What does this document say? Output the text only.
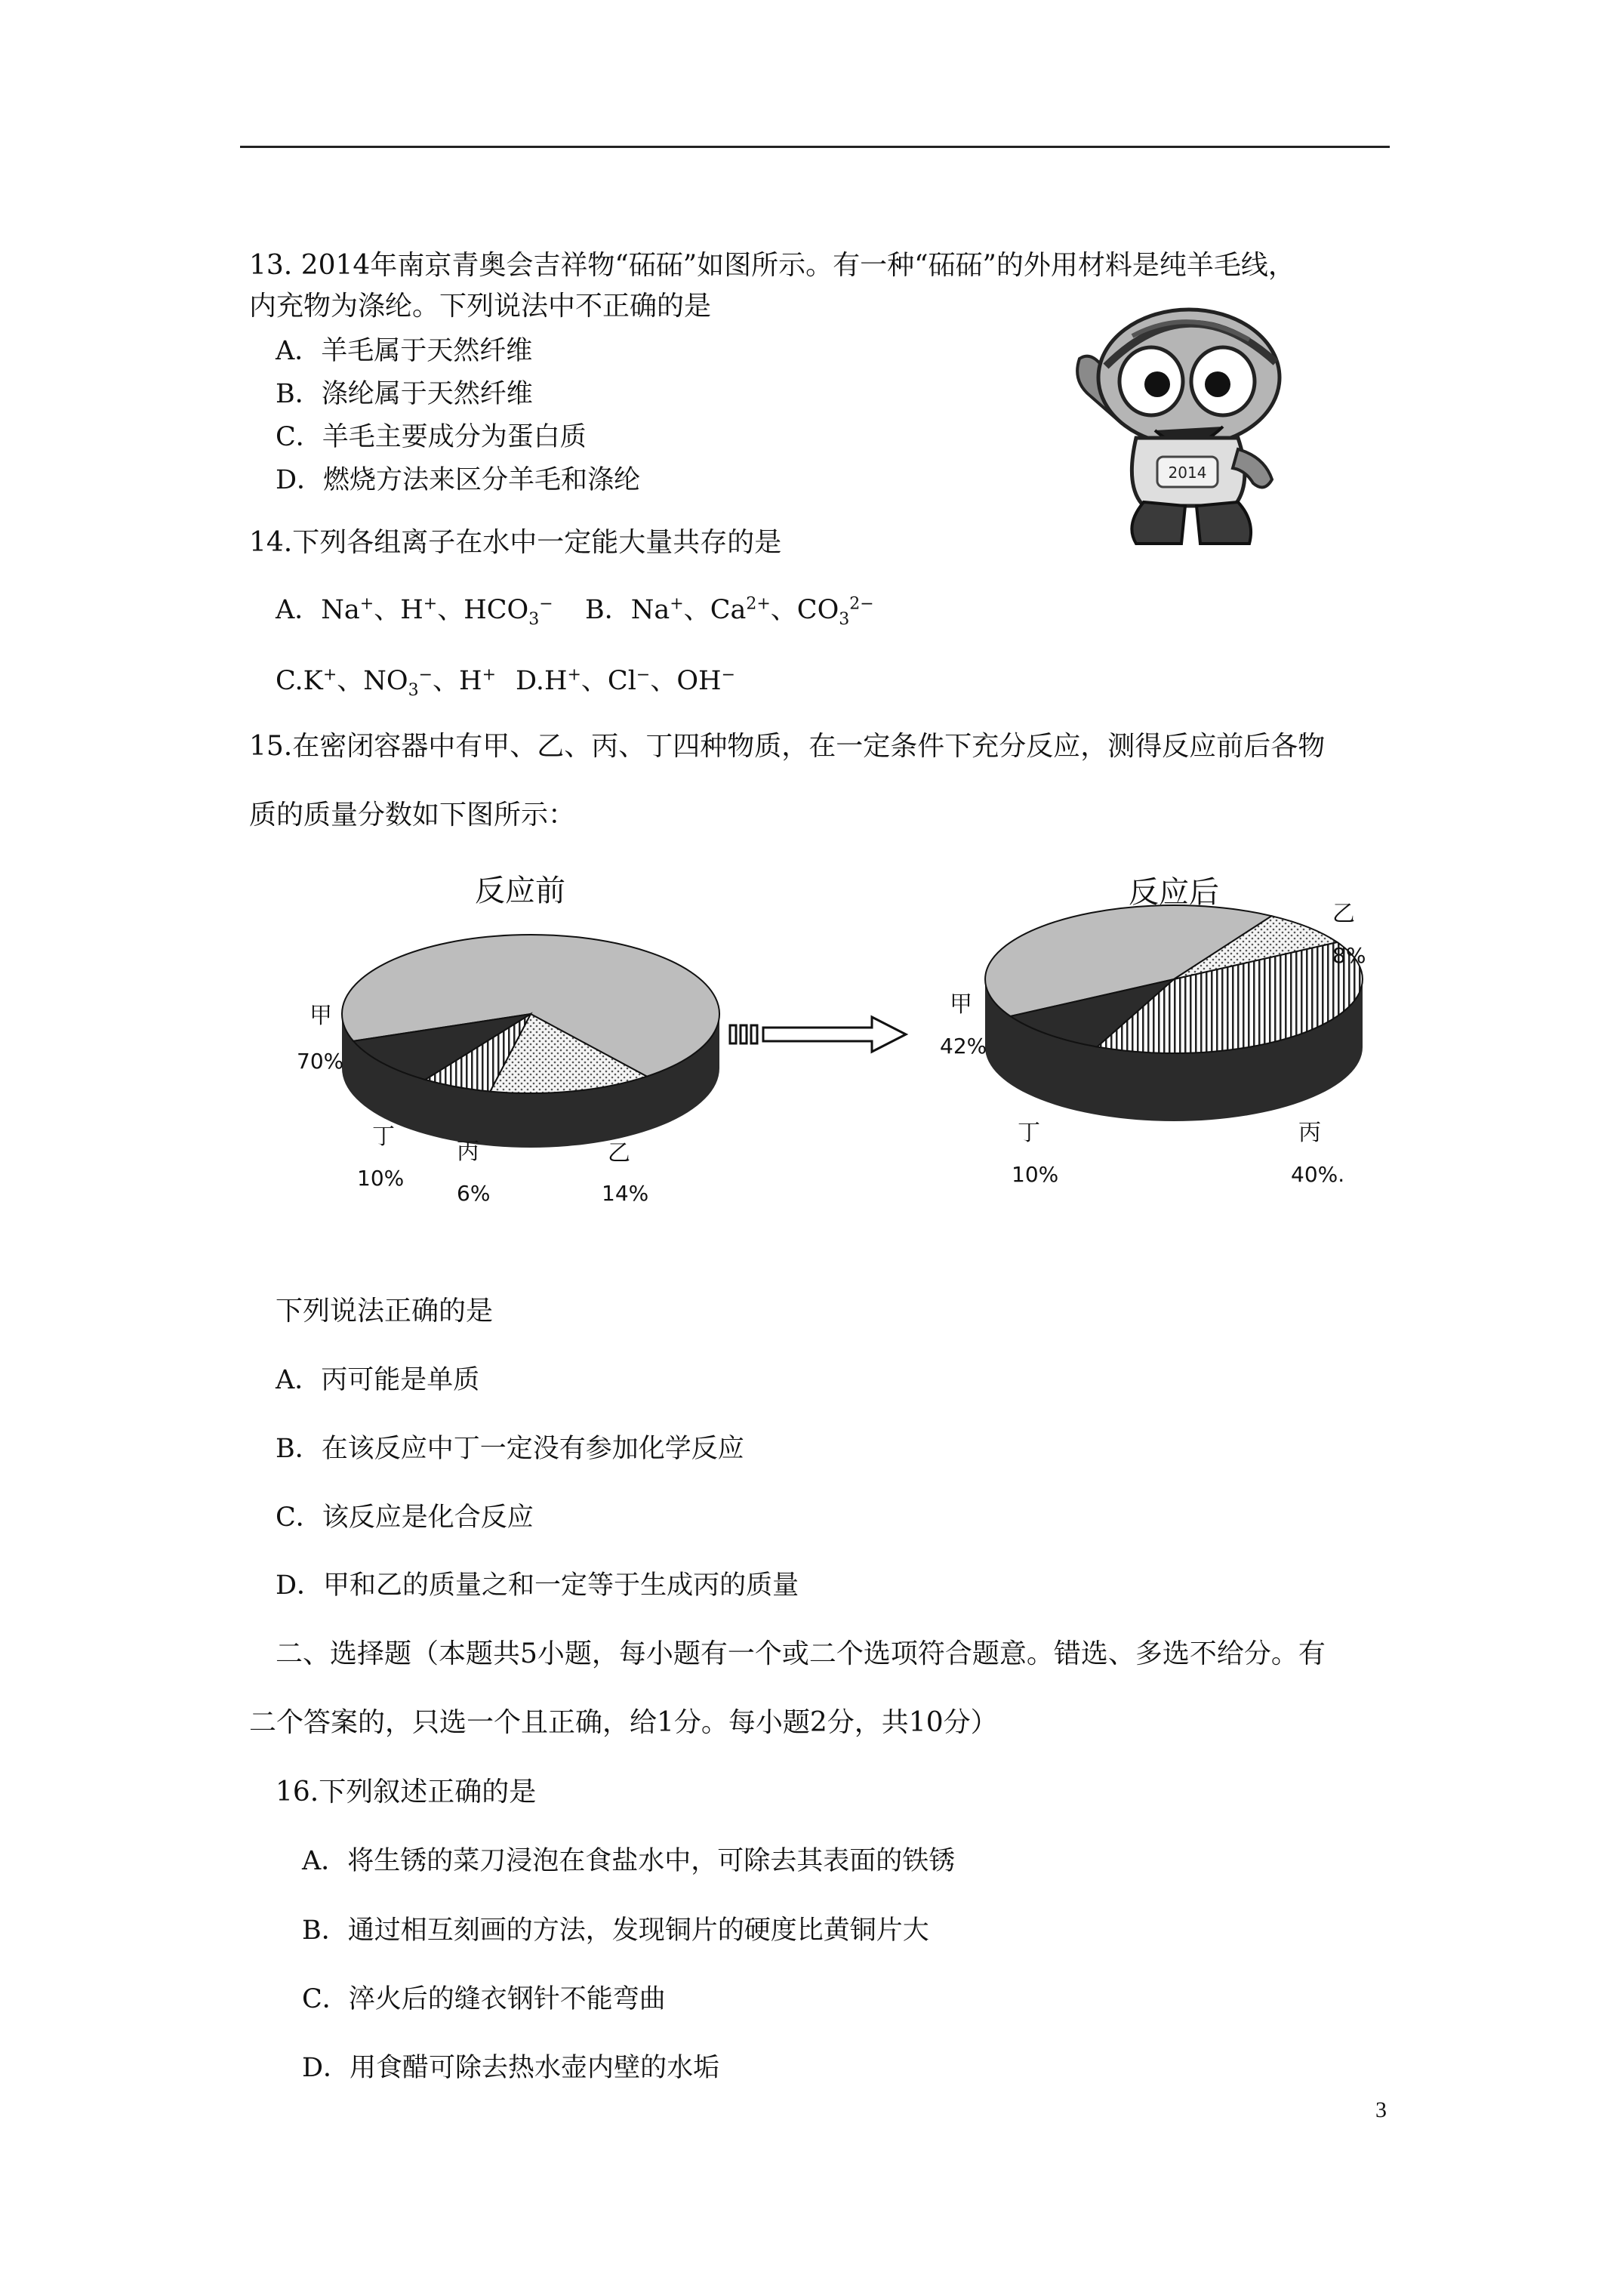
13. 2014年南京青奥会吉祥物“砳砳”如图所示。有一种“砳砳”的外用材料是纯羊毛线，
内充物为涤纶。下列说法中不正确的是
A．羊毛属于天然纤维
B．涤纶属于天然纤维
C．羊毛主要成分为蛋白质
D．燃烧方法来区分羊毛和涤纶	2014
14.下列各组离子在水中一定能大量共存的是
A．Na+、H+、$HCO_3^-$ B．Na+、$Ca^{2+}$、$CO_3^{2-}$
C.K+、$NO_3^-$、H+ D.H+、Cl−、OH−
15.在密闭容器中有甲、乙、丙、丁四种物质，在一定条件下充分反应，测得反应前后各物
质的质量分数如下图所示：
反应前	反应后
甲
70%
丁
10%
丙
6%
乙
14%
甲
42%
乙
8%
丁
10%
丙
40%.
下列说法正确的是
A．丙可能是单质
B．在该反应中丁一定没有参加化学反应
C．该反应是化合反应
D．甲和乙的质量之和一定等于生成丙的质量
二、选择题（本题共5小题，每小题有一个或二个选项符合题意。错选、多选不给分。有
二个答案的，只选一个且正确，给1分。每小题2分，共10分）
16.下列叙述正确的是
A．将生锈的菜刀浸泡在食盐水中，可除去其表面的铁锈
B．通过相互刻画的方法，发现铜片的硬度比黄铜片大
C．淬火后的缝衣钢针不能弯曲
D．用食醋可除去热水壶内壁的水垢
3
